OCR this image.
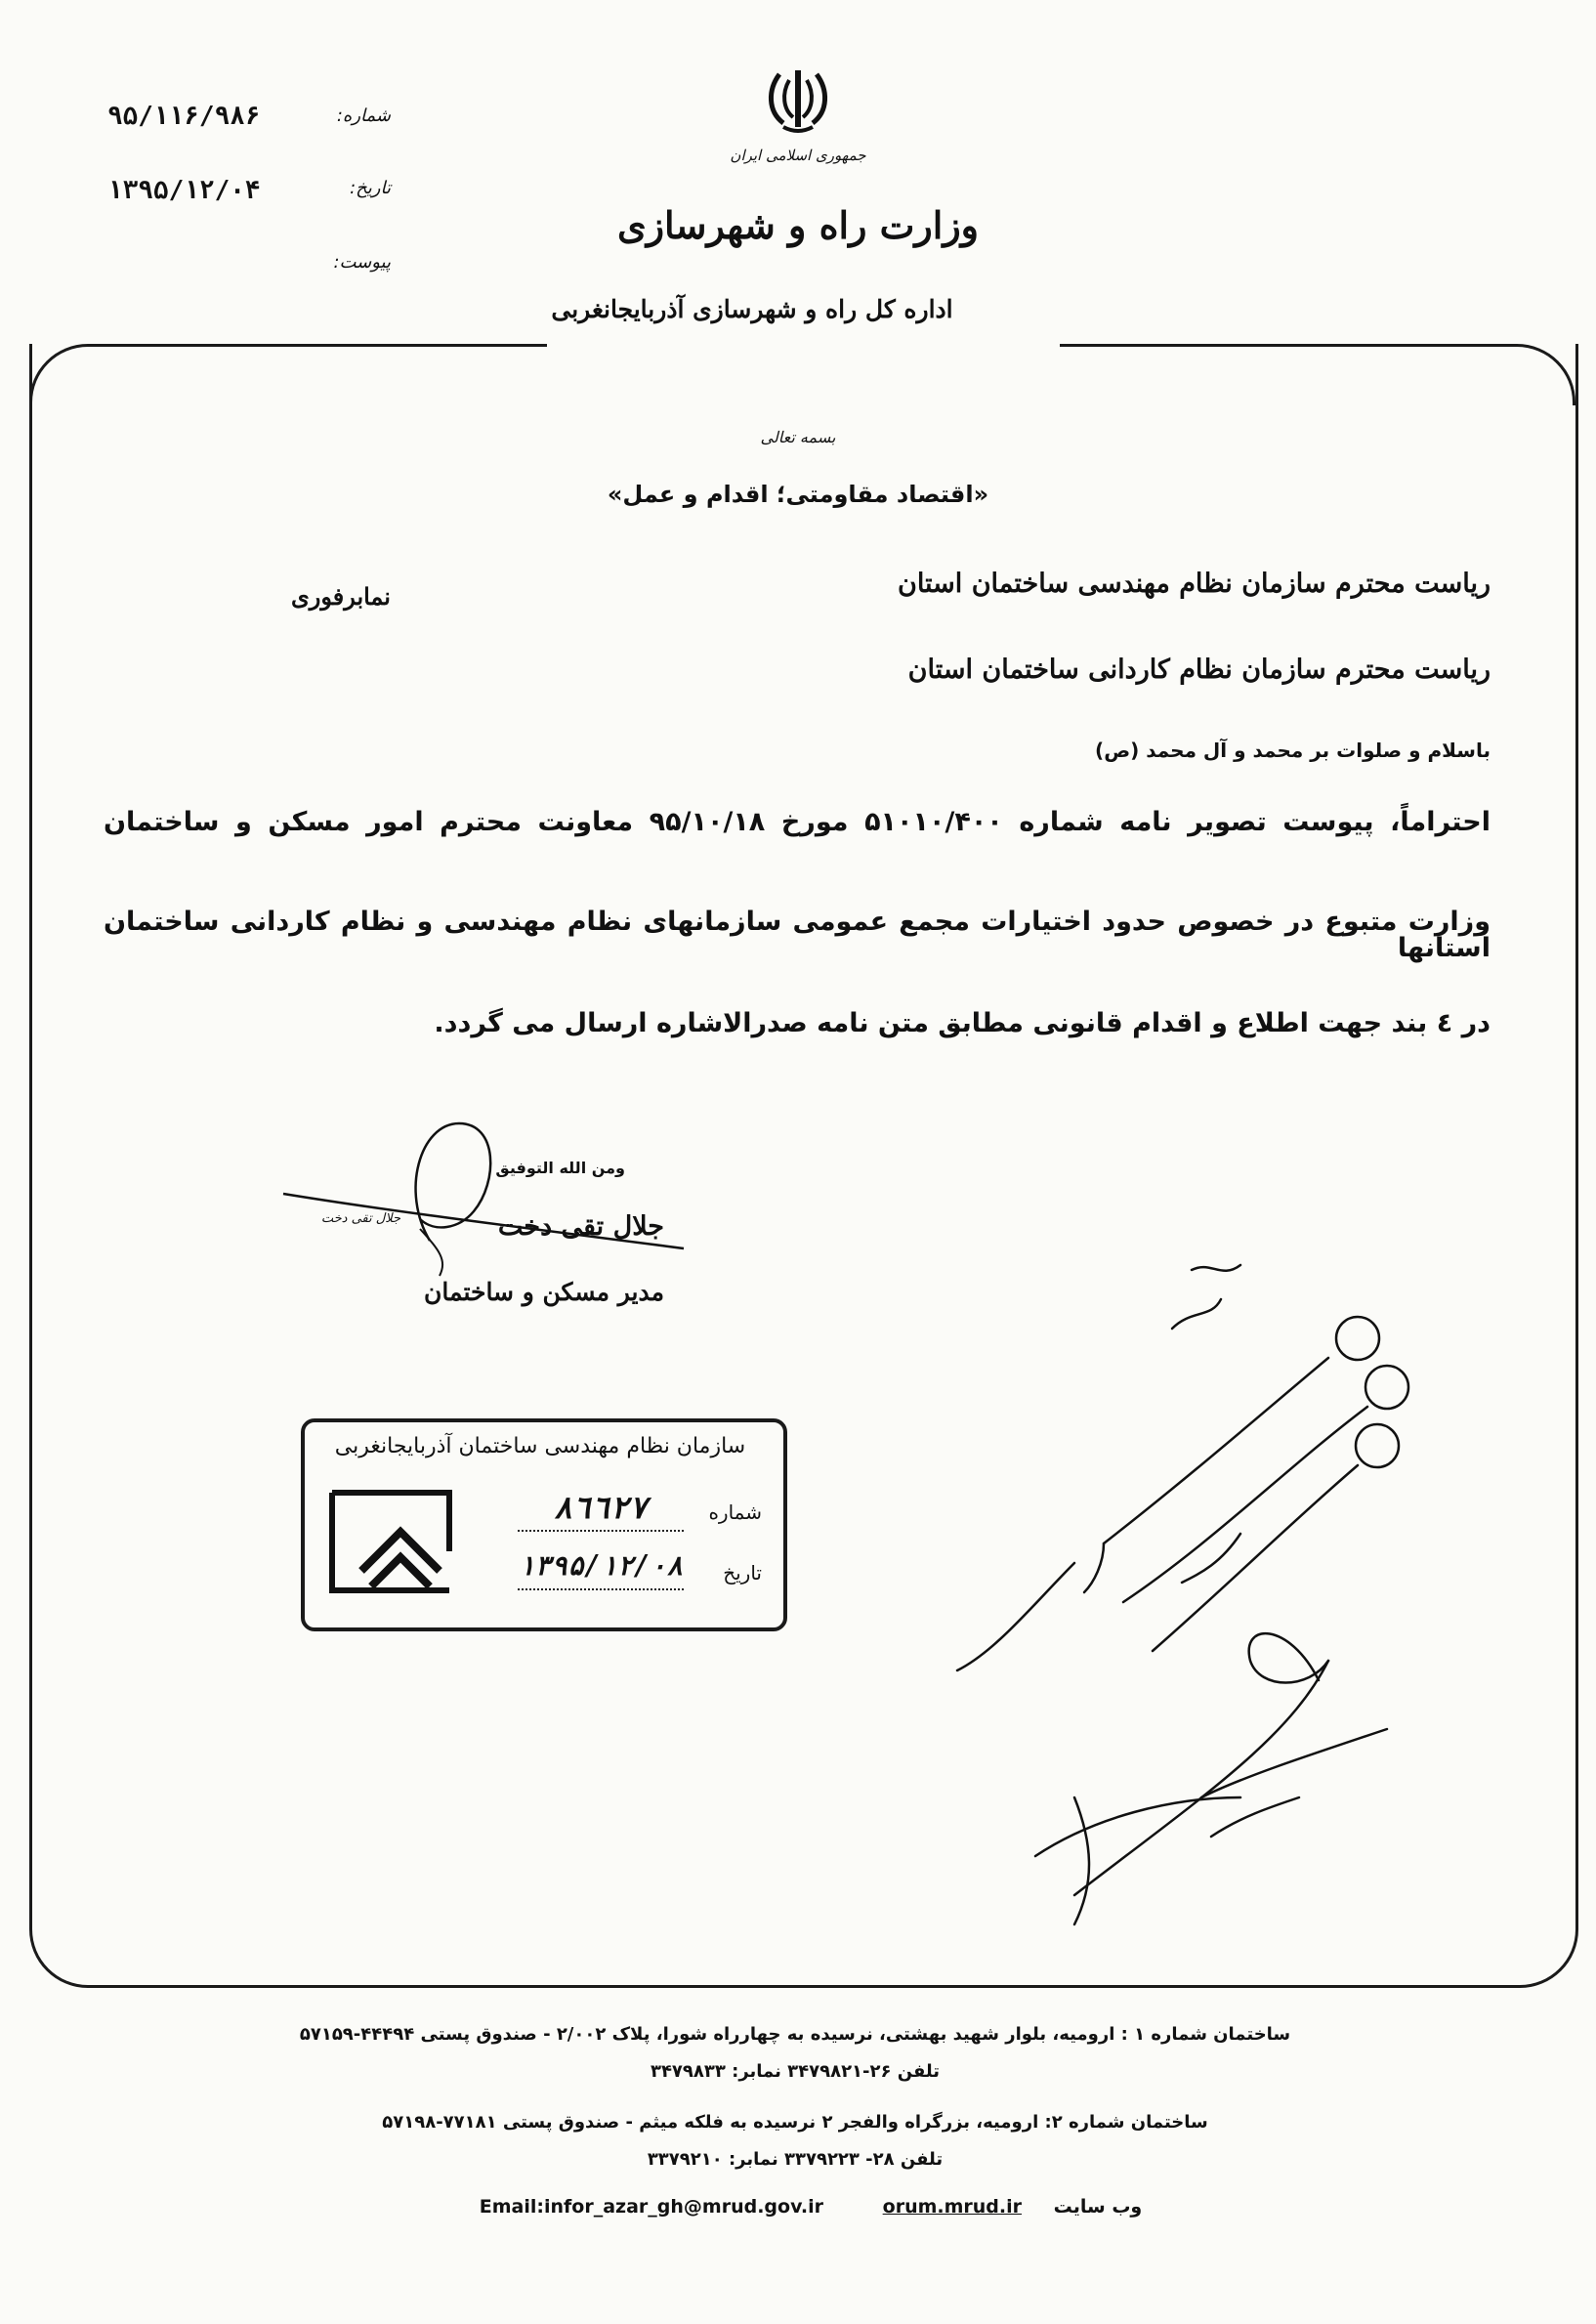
جمهوری اسلامی ایران
وزارت راه و شهرسازی
اداره کل راه و شهرسازی آذربایجانغربی
شماره:
۹۵/۱۱۶/۹۸۶
تاریخ:
۱۳۹۵/۱۲/۰۴
پیوست:
بسمه تعالی
«اقتصاد مقاومتی؛ اقدام و عمل»
ریاست محترم سازمان نظام مهندسی ساختمان استان
ریاست محترم سازمان نظام کاردانی ساختمان استان
نمابرفوری
باسلام و صلوات بر محمد و آل محمد (ص)
احتراماً، پیوست تصویر نامه شماره ۵۱۰۱۰/۴۰۰ مورخ ۹۵/۱۰/۱۸ معاونت محترم امور مسکن و ساختمان
وزارت متبوع در خصوص حدود اختیارات مجمع عمومی سازمانهای نظام مهندسی و نظام کاردانی ساختمان استانها
در ٤ بند جهت اطلاع و اقدام قانونی مطابق متن نامه صدرالاشاره ارسال می گردد.
ومن الله التوفیق
جلال تقی دخت
جلال تقی دخت
مدیر مسکن و ساختمان
سازمان نظام مهندسی ساختمان آذربایجانغربی
شماره
۸٦٦۲۷
تاریخ
۱۳۹۵/۱۲/۰۸
ساختمان شماره ۱ : ارومیه، بلوار شهید بهشتی، نرسیده به چهارراه شورا، پلاک ۲/۰۰۲ - صندوق پستی ۴۴۴۹۴-۵۷۱۵۹
تلفن ۲۶-۳۴۷۹۸۲۱ نمابر: ۳۴۷۹۸۳۳
ساختمان شماره ۲: ارومیه، بزرگراه والفجر ۲ نرسیده به فلکه میثم - صندوق پستی ۷۷۱۸۱-۵۷۱۹۸
تلفن ۲۸- ۳۳۷۹۲۲۳ نمابر: ۳۳۷۹۲۱۰
وب سایت orum.mrud.ir Email:infor_azar_gh@mrud.gov.ir
